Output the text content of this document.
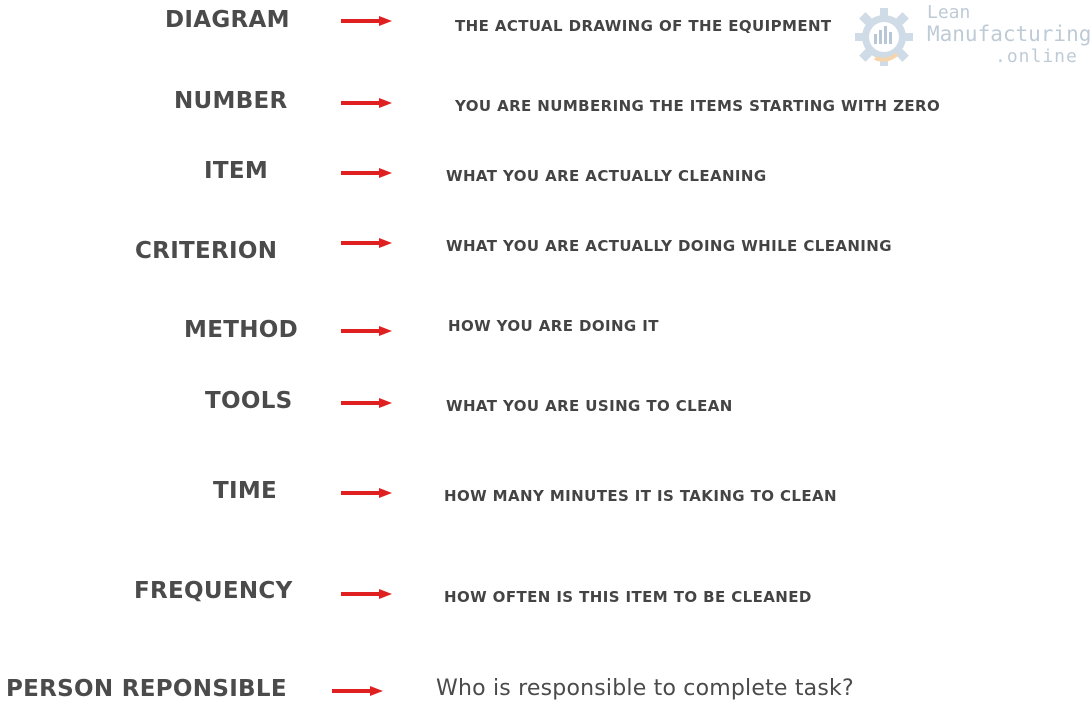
Lean
Manufacturing
.online
DIAGRAM	THE ACTUAL DRAWING OF THE EQUIPMENT
NUMBER	YOU ARE NUMBERING THE ITEMS STARTING WITH ZERO
ITEM	WHAT YOU ARE ACTUALLY CLEANING
CRITERION	WHAT YOU ARE ACTUALLY DOING WHILE CLEANING
METHOD	HOW YOU ARE DOING IT
TOOLS	WHAT YOU ARE USING TO CLEAN
TIME	HOW MANY MINUTES IT IS TAKING TO CLEAN
FREQUENCY	HOW OFTEN IS THIS ITEM TO BE CLEANED
PERSON REPONSIBLE	Who is responsible to complete task?
